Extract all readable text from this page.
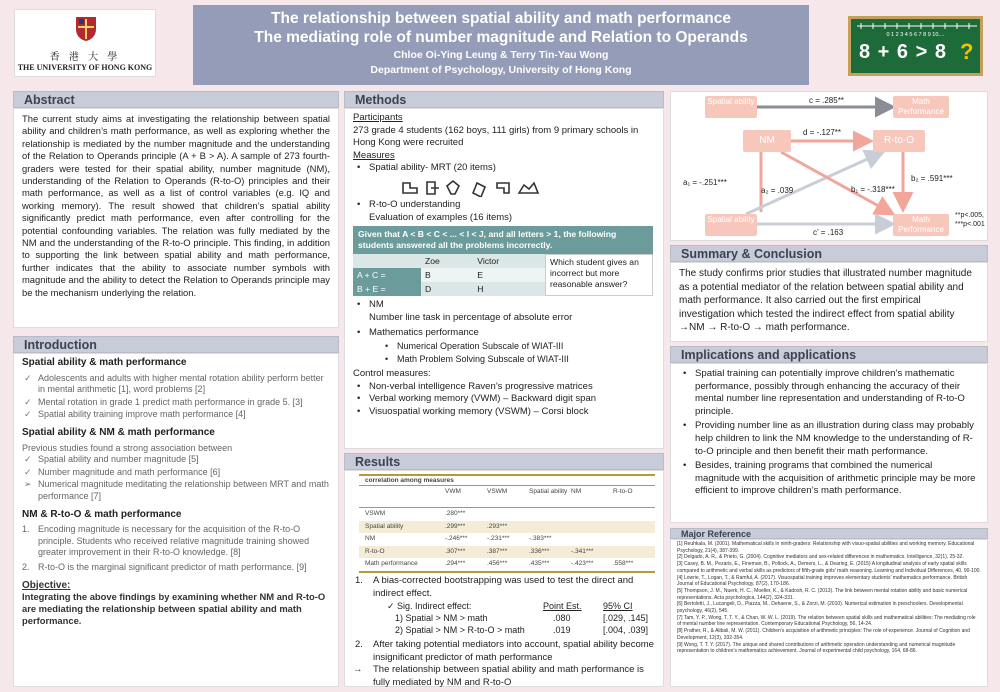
香 港 大 學
THE UNIVERSITY OF HONG KONG
The relationship between spatial ability and math performance
The mediating role of number magnitude and Relation to Operands
Chloe Oi-Ying Leung & Terry Tin-Yau Wong
Department of Psychology, University of Hong Kong
0 1 2 3 4 5 6 7 8 9 10....
8 + 6 > 8 ?
Abstract
The current study aims at investigating the relationship between spatial ability and children’s math performance, as well as exploring whether the relationship is mediated by the number magnitude and the understanding of the Relation to Operands principle (A + B > A). A sample of 273 fourth-graders were tested for their spatial ability, number magnitude (NM), understanding of the Relation to Operands (R-to-O) principles and their math performance, as well as a list of control variables (e.g. IQ and working memory). The result showed that children’s spatial ability significantly predict math performance, even after controlling for the potential confounding variables. The relation was fully mediated by the NM and the understanding of the R-to-O principle. This finding, in addition to supporting the link between spatial ability and math performance, further indicates that the ability to associate number symbols with magnitude and the ability to detect the Relation to Operands principle may be the mechanism underlying the relation.
Introduction
Spatial ability & math performance
✓ Adolescents and adults with higher mental rotation ability perform better in mental arithmetic [1], word problems [2]
✓ Mental rotation in grade 1 predict math performance in grade 5. [3]
✓ Spatial ability training improve math performance [4]
Spatial ability & NM & math performance
Previous studies found a strong association between
✓ Spatial ability and number magnitude [5]
✓ Number magnitude and math performance [6]
➢ Numerical magnitude meditating the relationship between MRT and math performance [7]
NM & R-to-O & math performance
1. Encoding magnitude is necessary for the acquisition of the R-to-O principle. Students who received relative magnitude training showed greater improvement in their R-to-O knowledge. [8]
2. R-to-O is the marginal significant predictor of math performance. [9]
Objective:
Integrating the above findings by examining whether NM and R-to-O are mediating the relationship between spatial ability and math performance.
Methods
Participants
273 grade 4 students (162 boys, 111 girls) from 9 primary schools in Hong Kong were recruited
Measures
• Spatial ability- MRT (20 items)
• R-to-O understanding
Evaluation of examples (16 items)
Given that A < B < C < ... < I < J, and all letters > 1, the following students answered all the problems incorrectly.
	Zoe	Victor
A + C =	B	E
B + E =	D	H
Which student gives an incorrect but more reasonable answer?
• NM
Number line task in percentage of absolute error
• Mathematics performance
• Numerical Operation Subscale of WIAT-III
• Math Problem Solving Subscale of WIAT-III
Control measures:
• Non-verbal intelligence Raven’s progressive matrices
• Verbal working memory (VWM) – Backward digit span
• Visuospatial working memory (VSWM) – Corsi block
Results
correlation among measures
	VWM	VSWM	Spatial ability	NM	R-to-O
VSWM	.280***				
Spatial ability	.299***	.293***			
NM	-.246***	-.231***	-.383***		
R-to-O	.307***	.387***	.336***	-.341***	
Math performance	.294***	.456***	.435***	-.423***	.558***
1. A bias-corrected bootstrapping was used to test the direct and indirect effect.
✓ Sig. Indirect effect:	Point Est.	95% CI
1) Spatial > NM > math	.080	[.029, .145]
2) Spatial > NM > R-to-O > math	.019	[.004, .039]
2. After taking potential mediators into account, spatial ability become insignificant predictor of math performance
→ The relationship between spatial ability and math performance is fully mediated by NM and R-to-O
Spatial ability	Math Performance
NM	R-to-O
Spatial ability	Math Performance
c = .285**
d = -.127**
a₁ = -.251***
a₂ = .039	b₁ = -.318***
b₂ = .591***
c’ = .163
**p<.005,
***p<.001
Summary & Conclusion
The study confirms prior studies that illustrated number magnitude as a potential mediator of the relation between spatial ability and math performance. It also carried out the first empirical investigation which tested the indirect effect from spatial ability →NM → R-to-O → math performance.
Implications and applications
• Spatial training can potentially improve children’s mathematic performance, possibly through enhancing the accuracy of their mental number line representation and understanding of R-to-O principle.
• Providing number line as an illustration during class may probably help children to link the NM knowledge to the understanding of R-to-O principle and then benefit their math performance.
• Besides, training programs that combined the numerical magnitude with the acquisition of arithmetic principle may be more efficient to improve children’s math performance.
Major Reference
[1] Reuhkala, M. (2001). Mathematical skills in ninth-graders: Relationship with visuo-spatial abilities and working memory. Educational Psychology, 21(4), 387-399.
[2] Delgado, A. R., & Prieto, G. (2004). Cognitive mediators and sex-related differences in mathematics. Intelligence, 32(1), 25-32.
[3] Casey, B. M., Pezaris, E., Fineman, B., Pollock, A., Demers, L., & Dearing, E. (2015) A longitudinal analysis of early spatial skills compared to arithmetic and verbal skills as predictors of fifth-grade girls’ math reasoning. Learning and Individual Differences, 40, 90-100.
[4] Lowrie, T., Logan, T., & Ramful, A. (2017). Visuospatial training improves elementary students’ mathematics performance. British Journal of Educational Psychology, 87(2), 170-186.
[5] Thompson, J. M., Nuerk, H. C., Moeller, K., & Kadosh, R. C. (2013). The link between mental rotation ability and basic numerical representations. Acta psychologica, 144(2), 324-331.
[6] Bertoletti, J., Lucangeli, D., Piazza, M., Dehaene, S., & Zorzi, M. (2010). Numerical estimation in preschoolers. Developmental psychology, 46(2), 545.
[7] Tam, Y. P., Wong, T. T. Y., & Chan, W. W. L. (2019). The relation between spatial skills and mathematical abilities: The mediating role of mental number line representation. Contemporary Educational Psychology, 56, 14-24.
[8] Prather, R., & Alibali, M. W. (2011). Children’s acquisition of arithmetic principles: The role of experience. Journal of Cognition and Development, 12(3), 332-354.
[9] Wong, T. T. Y. (2017). The unique and shared contributions of arithmetic operation understanding and numerical magnitude representation to children’s mathematics achievement. Journal of experimental child psychology, 164, 68-86.
